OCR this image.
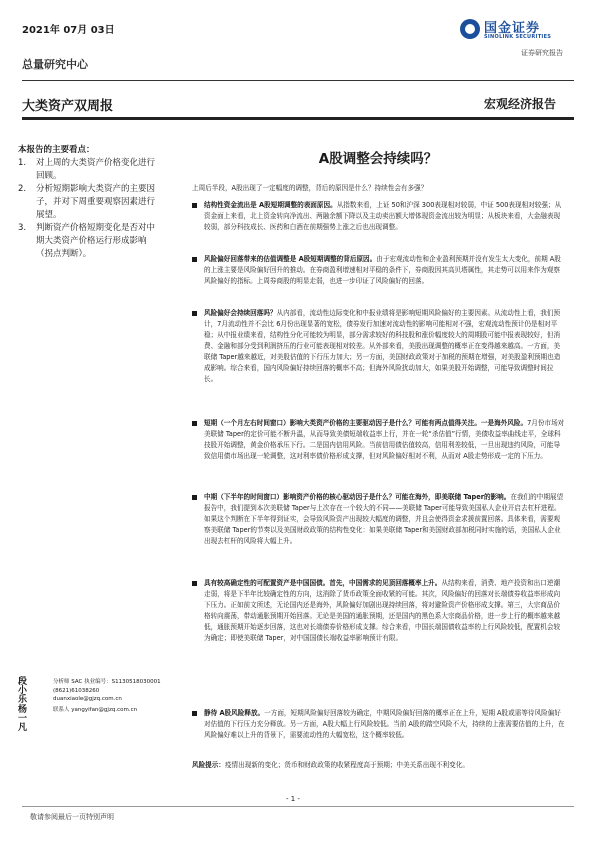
2021年 07月 03日	国金证券
SINOLINK SECURITIES
证券研究报告
总量研究中心
大类资产双周报	宏观经济报告
本报告的主要看点：
1. 对上周的大类资产价格变化进行回顾。
2. 分析短期影响大类资产的主要因子，并对下周重要观察因素进行展望。
3. 判断资产价格短期变化是否对中期大类资产价格运行形成影响（拐点判断）。
段小乐
分析师 SAC 执业编号：S1130518030001 (8621)61038260 duanxiaole@gjzq.com.cn
杨一凡
联系人 yangyifan@gjzq.com.cn
A股调整会持续吗？
上周后半段，A股出现了一定幅度的调整，背后的原因是什么？持续性会有多强？
结构性资金流出是 A股短期调整的表面原因。从指数来看，上证 50和沪深 300表现相对较弱，中证 500表现相对较强；从资金面上来看，北上资金转向净流出、两融余额下降以及主动卖出额大增体现资金流出较为明显；从板块来看，大金融表现较弱，部分科技成长、医药和白酒在前期强势上涨之后也出现调整。
风险偏好回落带来的估值调整是 A股短期调整的背后原因。由于宏观流动性和企业盈利预期并没有发生太大变化，前期 A股的上涨主要是风险偏好回升的推动。在券商盈利增速相对平稳的条件下，券商股因其高贝塔属性，其走势可以用来作为观察风险偏好的指标。上周券商股的明显走弱，也进一步印证了风险偏好的回落。
风险偏好会持续回落吗？从内部看，流动性边际变化和中报业绩将是影响短期风险偏好的主要因素。从流动性上看，我们预计，7月流动性并不会比 6月份出现显著的宽松，债券发行加速对流动性的影响可能相对不强，宏观流动性预计仍是相对平稳；从中报业绩来看，结构性分化可能较为明显，部分需求较好的科技股和涨价幅度较大的周期股可能中报表现较好，但消费、金融和部分受到利润挤压的行业可能表现相对较差。从外部来看，美股出现调整的概率正在变得越来越高。一方面，美联储 Taper越来越近，对美股估值的下行压力加大；另一方面，美国财政政策对于加税的预期在增强，对美股盈利预期也造成影响。综合来看，国内风险偏好持续回落的概率不高；但海外风险扰动加大，如果美股开始调整，可能导致调整时间拉长。
短期（一个月左右时间窗口）影响大类资产价格的主要驱动因子是什么？可能有两点值得关注。一是海外风险。7月份市场对美联储 Taper的定价可能不断升温，从而导致美债短端收益率上行，并在一轮“杀估值”行情，美债收益率曲线走平，全球科技股开始调整，黄金价格承压下行。二是国内信用风险。当前信用债估值较高，信用利差较低，一旦出现违约风险，可能导致信用债市场出现一轮调整，这对利率债价格形成支撑，但对风险偏好相对不利，从而对 A股走势形成一定的下压力。
中期（下半年的时间窗口）影响资产价格的核心驱动因子是什么？可能在海外，即美联储 Taper的影响。在我们的中期展望报告中，我们提到本次美联储 Taper与上次存在一个较大的不同——美联储 Taper可能导致美国私人企业开启去杠杆进程。如果这个判断在下半年得到证实，会导致风险资产出现较大幅度的调整，并且会使得资金求援前置回落。具体来看，需要观察美联储 Taper的节奏以及美国财政政策的结构性变化：如果美联储 Taper和美国财政部加税同时实施的话，美国私人企业出现去杠杆的风险将大幅上升。
具有较高确定性的可配置资产是中国国债。首先，中国需求的见顶回落概率上升。从结构来看，消费、地产投资和出口逆潮走弱，将是下半年比较确定性的方向，这消除了货币政策全面收紧的可能。其次，风险偏好的回落对长端债券收益率形成向下压力。正如前文所述，无论国内还是海外，风险偏好加剧出现持续回落，将对避险资产价格形成支撑。第三，大宗商品价格转向震荡，带动通胀预期开始回落。无论是美国的通胀预期，还是国内的黑色系大宗商品价格，进一步上行的概率越来越低，通胀预期开始逐步回落，这也对长端债券价格形成支撑。综合来看，中国长端国债收益率的上行风险较低，配置机会较为确定；即使美联储 Taper，对中国国债长端收益率影响预计有限。
静待 A股风险释放。一方面，短期风险偏好回落较为确定，中期风险偏好回落的概率正在上升，短期 A股或需等待风险偏好对估值的下行压力充分释放。另一方面，A股大幅上行风险较低。当前 A股的踏空风险不大，持续的上涨需要估值的上升，在风险偏好难以上升的背景下，需要流动性的大幅宽松，这个概率较低。
风险提示：疫情出现新的变化；货币和财政政策的收紧程度高于预期；中美关系出现不利变化。
- 1 -
敬请参阅最后一页特别声明
